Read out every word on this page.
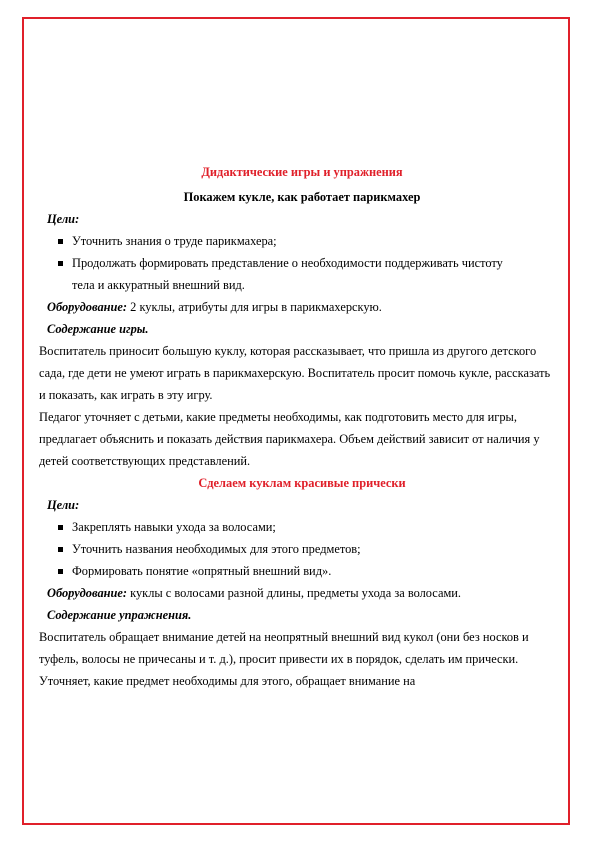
Дидактические игры и упражнения
Покажем кукле, как работает парикмахер
Цели:
Уточнить знания о труде парикмахера;
Продолжать формировать представление о необходимости поддерживать чистоту тела и аккуратный внешний вид.
Оборудование: 2 куклы, атрибуты для игры в парикмахерскую.
Содержание игры.
Воспитатель приносит большую куклу, которая рассказывает, что пришла из другого детского сада, где дети не умеют играть в парикмахерскую. Воспитатель просит помочь кукле, рассказать и показать, как играть в эту игру.
Педагог уточняет с детьми, какие предметы необходимы, как подготовить место для игры, предлагает объяснить и показать действия парикмахера. Объем действий зависит от наличия у детей соответствующих представлений.
Сделаем куклам красивые прически
Цели:
Закреплять навыки ухода за волосами;
Уточнить названия необходимых для этого предметов;
Формировать понятие «опрятный внешний вид».
Оборудование: куклы с волосами разной длины, предметы ухода за волосами.
Содержание упражнения.
Воспитатель обращает внимание детей на неопрятный внешний вид кукол (они без носков и туфель, волосы не причесаны и т. д.), просит привести их в порядок, сделать им прически. Уточняет, какие предмет необходимы для этого, обращает внимание на
